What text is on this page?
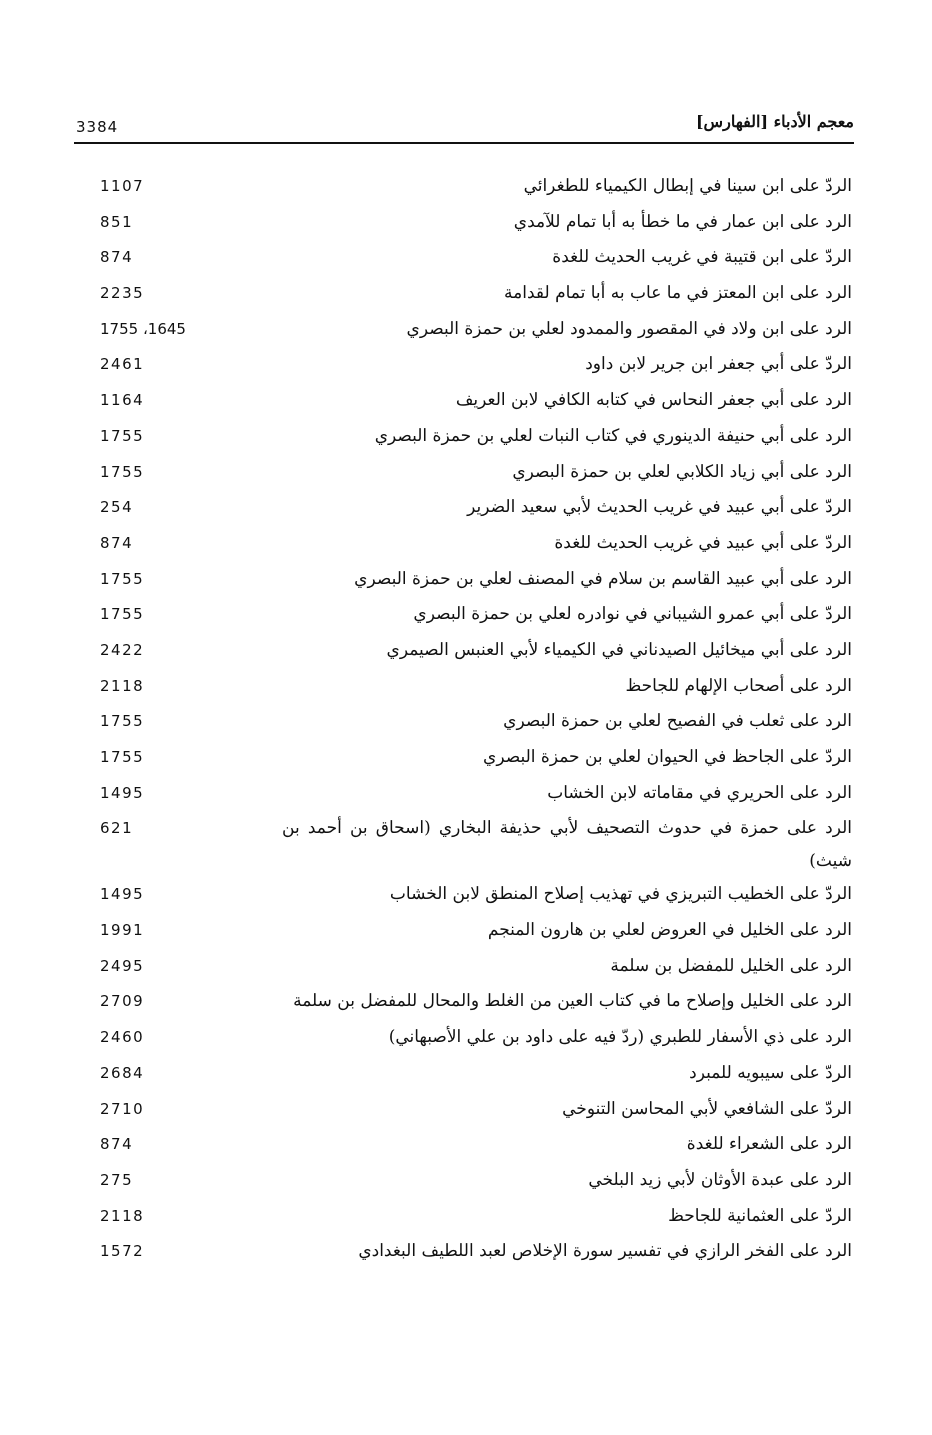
3384	معجم الأدباء [الفهارس]
الردّ على ابن سينا في إبطال الكيمياء للطغرائي
1107
الرد على ابن عمار في ما خطأ به أبا تمام للآمدي
851
الردّ على ابن قتيبة في غريب الحديث للغدة
874
الرد على ابن المعتز في ما عاب به أبا تمام لقدامة
2235
الرد على ابن ولاد في المقصور والممدود لعلي بن حمزة البصري
1645، 1755
الردّ على أبي جعفر ابن جرير لابن داود
2461
الرد على أبي جعفر النحاس في كتابه الكافي لابن العريف
1164
الرد على أبي حنيفة الدينوري في كتاب النبات لعلي بن حمزة البصري
1755
الرد على أبي زياد الكلابي لعلي بن حمزة البصري
1755
الردّ على أبي عبيد في غريب الحديث لأبي سعيد الضرير
254
الردّ على أبي عبيد في غريب الحديث للغدة
874
الرد على أبي عبيد القاسم بن سلام في المصنف لعلي بن حمزة البصري
1755
الردّ على أبي عمرو الشيباني في نوادره لعلي بن حمزة البصري
1755
الرد على أبي ميخائيل الصيدناني في الكيمياء لأبي العنبس الصيمري
2422
الرد على أصحاب الإلهام للجاحظ
2118
الرد على ثعلب في الفصيح لعلي بن حمزة البصري
1755
الردّ على الجاحظ في الحيوان لعلي بن حمزة البصري
1755
الرد على الحريري في مقاماته لابن الخشاب
1495
الرد على حمزة في حدوث التصحيف لأبي حذيفة البخاري (اسحاق بن أحمد بن شيث)
621
الردّ على الخطيب التبريزي في تهذيب إصلاح المنطق لابن الخشاب
1495
الرد على الخليل في العروض لعلي بن هارون المنجم
1991
الرد على الخليل للمفضل بن سلمة
2495
الرد على الخليل وإصلاح ما في كتاب العين من الغلط والمحال للمفضل بن سلمة
2709
الرد على ذي الأسفار للطبري (ردّ فيه على داود بن علي الأصبهاني)
2460
الردّ على سيبويه للمبرد
2684
الردّ على الشافعي لأبي المحاسن التنوخي
2710
الرد على الشعراء للغدة
874
الرد على عبدة الأوثان لأبي زيد البلخي
275
الردّ على العثمانية للجاحظ
2118
الرد على الفخر الرازي في تفسير سورة الإخلاص لعبد اللطيف البغدادي
1572
